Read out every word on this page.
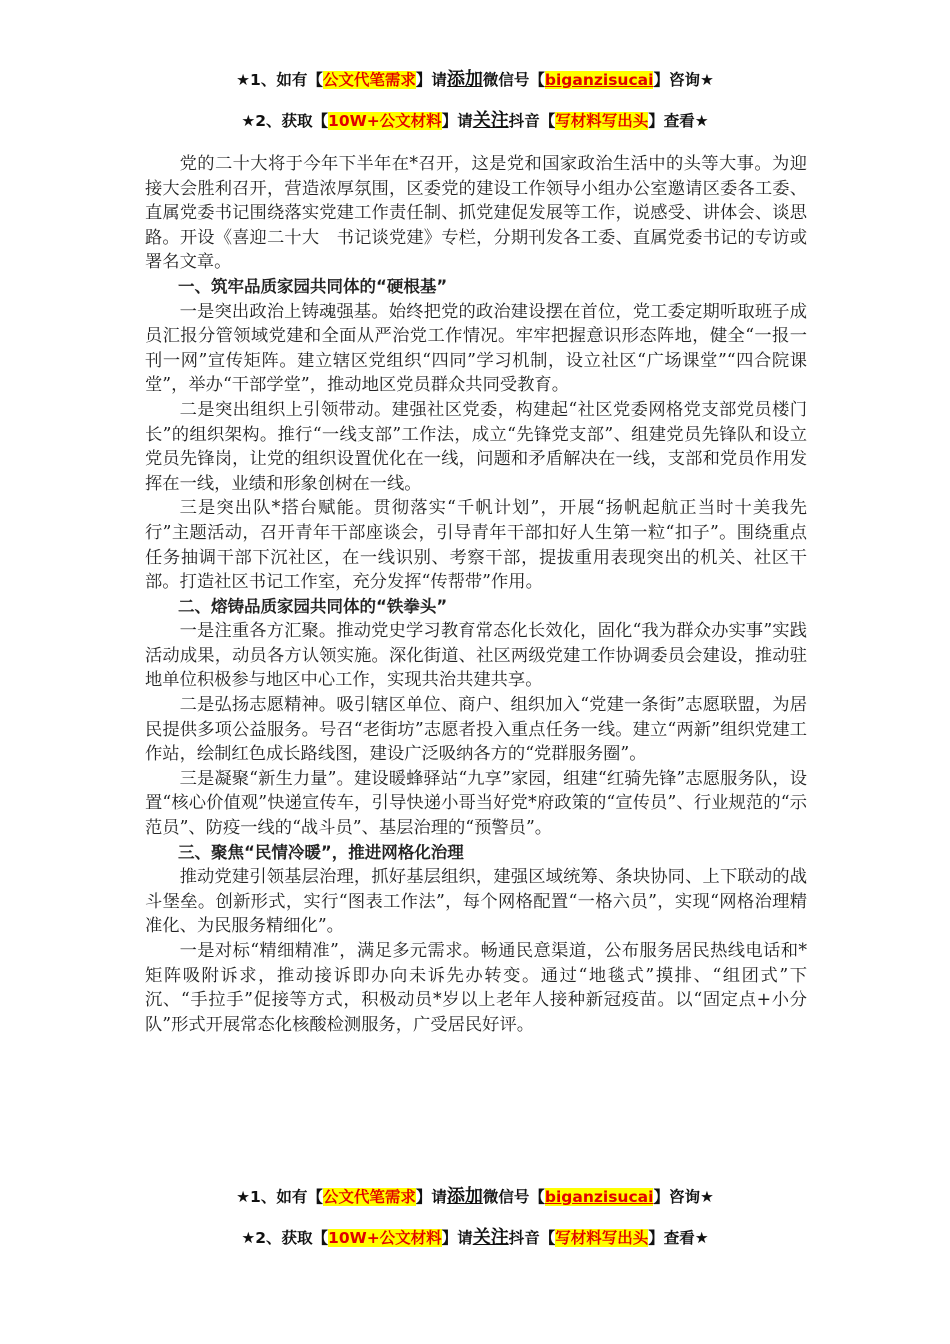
★1、如有【公文代笔需求】请添加微信号【biganzisucai】咨询★
★2、获取【10W+公文材料】请关注抖音【写材料写出头】查看★

党的二十大将于今年下半年在*召开，这是党和国家政治生活中的头等大事。为迎接大会胜利召开，营造浓厚氛围，区委党的建设工作领导小组办公室邀请区委各工委、直属党委书记围绕落实党建工作责任制、抓党建促发展等工作，说感受、讲体会、谈思路。开设《喜迎二十大　书记谈党建》专栏，分期刊发各工委、直属党委书记的专访或署名文章。

一、筑牢品质家园共同体的“硬根基”

一是突出政治上铸魂强基。始终把党的政治建设摆在首位，党工委定期听取班子成员汇报分管领域党建和全面从严治党工作情况。牢牢把握意识形态阵地，健全“一报一刊一网”宣传矩阵。建立辖区党组织“四同”学习机制，设立社区“广场课堂”“四合院课堂”，举办“干部学堂”，推动地区党员群众共同受教育。

二是突出组织上引领带动。建强社区党委，构建起“社区党委网格党支部党员楼门长”的组织架构。推行“一线支部”工作法，成立“先锋党支部”、组建党员先锋队和设立党员先锋岗，让党的组织设置优化在一线，问题和矛盾解决在一线，支部和党员作用发挥在一线，业绩和形象创树在一线。

三是突出队*搭台赋能。贯彻落实“千帆计划”，开展“扬帆起航正当时十美我先行”主题活动，召开青年干部座谈会，引导青年干部扣好人生第一粒“扣子”。围绕重点任务抽调干部下沉社区，在一线识别、考察干部，提拔重用表现突出的机关、社区干部。打造社区书记工作室，充分发挥“传帮带”作用。

二、熔铸品质家园共同体的“铁拳头”

一是注重各方汇聚。推动党史学习教育常态化长效化，固化“我为群众办实事”实践活动成果，动员各方认领实施。深化街道、社区两级党建工作协调委员会建设，推动驻地单位积极参与地区中心工作，实现共治共建共享。

二是弘扬志愿精神。吸引辖区单位、商户、组织加入“党建一条街”志愿联盟，为居民提供多项公益服务。号召“老街坊”志愿者投入重点任务一线。建立“两新”组织党建工作站，绘制红色成长路线图，建设广泛吸纳各方的“党群服务圈”。

三是凝聚“新生力量”。建设暖蜂驿站“九享”家园，组建“红骑先锋”志愿服务队，设置“核心价值观”快递宣传车，引导快递小哥当好党*府政策的“宣传员”、行业规范的“示范员”、防疫一线的“战斗员”、基层治理的“预警员”。

三、聚焦“民情冷暖”，推进网格化治理

推动党建引领基层治理，抓好基层组织，建强区域统筹、条块协同、上下联动的战斗堡垒。创新形式，实行“图表工作法”，每个网格配置“一格六员”，实现“网格治理精准化、为民服务精细化”。

一是对标“精细精准”，满足多元需求。畅通民意渠道，公布服务居民热线电话和*矩阵吸附诉求，推动接诉即办向未诉先办转变。通过“地毯式”摸排、“组团式”下沉、“手拉手”促接等方式，积极动员*岁以上老年人接种新冠疫苗。以“固定点+小分队”形式开展常态化核酸检测服务，广受居民好评。

★1、如有【公文代笔需求】请添加微信号【biganzisucai】咨询★
★2、获取【10W+公文材料】请关注抖音【写材料写出头】查看★
